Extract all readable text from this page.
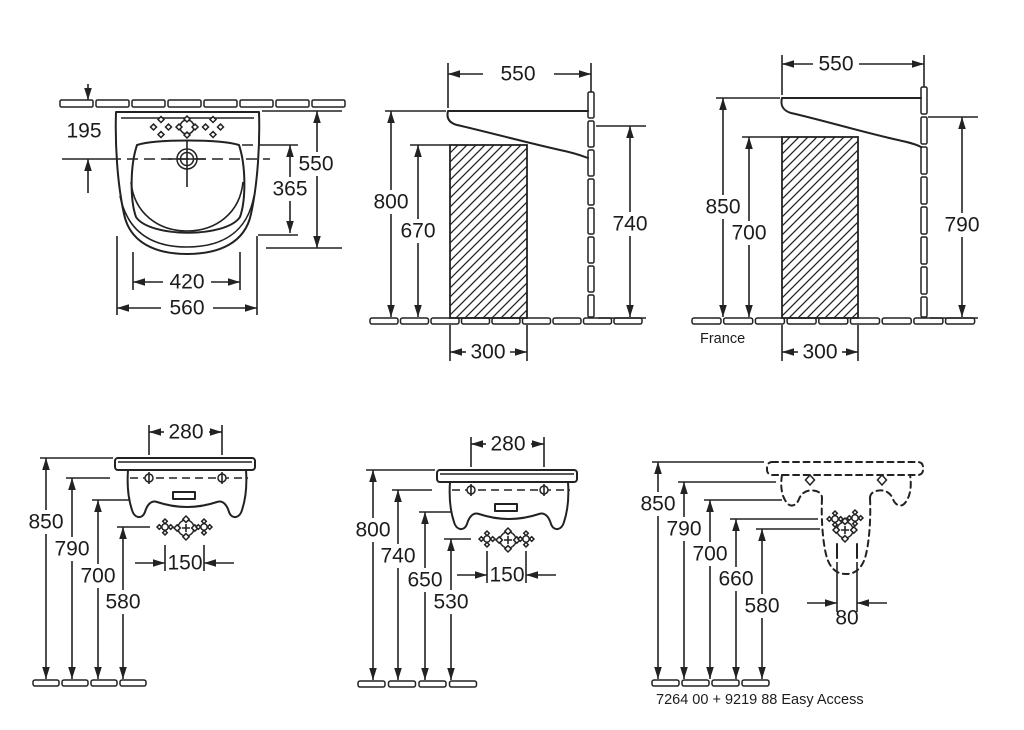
195
365
550
420
560
550
800
670	740
300
France
550
850
700	790
300
280
850
790
700
580
150
280
800
740
650
530
150
850
790
700
660
580
80
7264 00 + 9219 88 Easy Access
